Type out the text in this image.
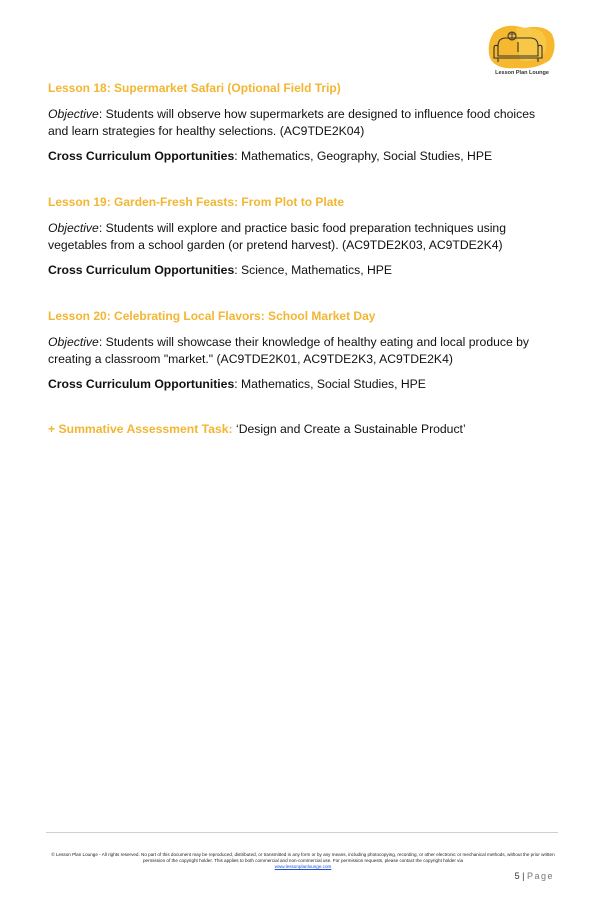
Lesson Plan Lounge
Lesson 18: Supermarket Safari (Optional Field Trip)

Objective: Students will observe how supermarkets are designed to influence food choices and learn strategies for healthy selections. (AC9TDE2K04)

Cross Curriculum Opportunities: Mathematics, Geography, Social Studies, HPE

Lesson 19: Garden-Fresh Feasts: From Plot to Plate

Objective: Students will explore and practice basic food preparation techniques using vegetables from a school garden (or pretend harvest). (AC9TDE2K03, AC9TDE2K4)

Cross Curriculum Opportunities: Science, Mathematics, HPE

Lesson 20: Celebrating Local Flavors: School Market Day

Objective: Students will showcase their knowledge of healthy eating and local produce by creating a classroom "market." (AC9TDE2K01, AC9TDE2K3, AC9TDE2K4)

Cross Curriculum Opportunities: Mathematics, Social Studies, HPE

+ Summative Assessment Task: ‘Design and Create a Sustainable Product’

© Lesson Plan Lounge - All rights reserved. No part of this document may be reproduced, distributed, or transmitted in any form or by any means, including photocopying, recording, or other electronic or mechanical methods, without the prior written permission of the copyright holder. This applies to both commercial and non-commercial use. For permission requests, please contact the copyright holder via
www.lessonplanlounge.com
5 | Page
